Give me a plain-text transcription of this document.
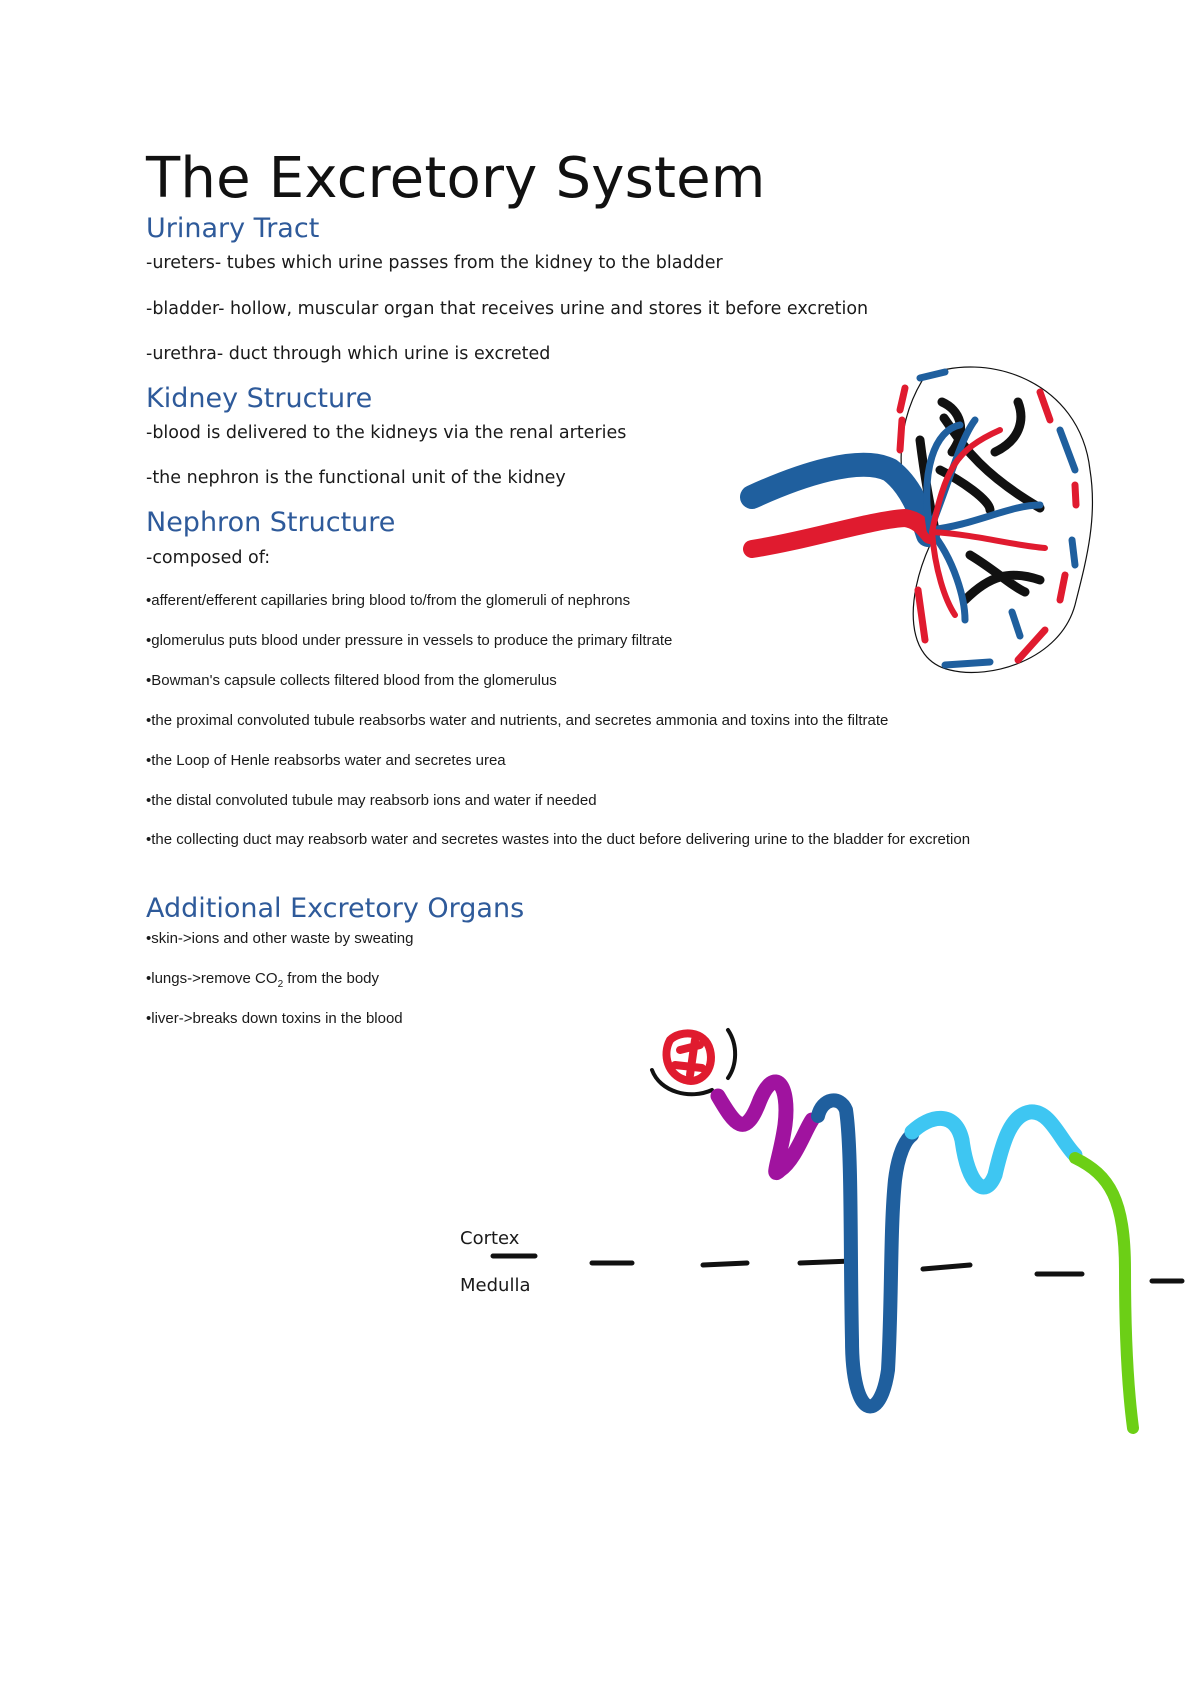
The Excretory System
Urinary Tract

-ureters- tubes which urine passes from the kidney to the bladder

-bladder- hollow, muscular organ that receives urine and stores it before excretion

-urethra- duct through which urine is excreted

Kidney Structure

-blood is delivered to the kidneys via the renal arteries

-the nephron is the functional unit of the kidney

Nephron Structure

-composed of:

•afferent/efferent capillaries bring blood to/from the glomeruli of nephrons

•glomerulus puts blood under pressure in vessels to produce the primary filtrate

•Bowman's capsule collects filtered blood from the glomerulus

•the proximal convoluted tubule reabsorbs water and nutrients, and secretes ammonia and toxins into the filtrate

•the Loop of Henle reabsorbs water and secretes urea

•the distal convoluted tubule may reabsorb ions and water if needed

•the collecting duct may reabsorb water and secretes wastes into the duct before delivering urine to the bladder for excretion

Additional Excretory Organs

•skin->ions and other waste by sweating

•lungs->remove $CO_2$ from the body

•liver->breaks down toxins in the blood

Cortex
Medulla
